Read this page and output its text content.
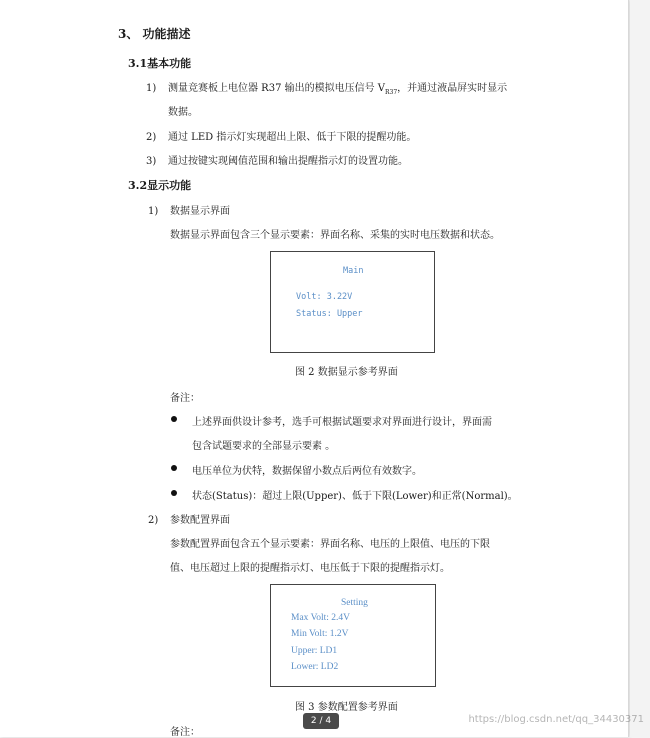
3、 功能描述
3.1基本功能
1) 测量竞赛板上电位器 R37 输出的模拟电压信号 $V_{R37}$，并通过液晶屏实时显示
数据。
2) 通过 LED 指示灯实现超出上限、低于下限的提醒功能。
3) 通过按键实现阈值范围和输出提醒指示灯的设置功能。
3.2显示功能
1) 数据显示界面
数据显示界面包含三个显示要素：界面名称、采集的实时电压数据和状态。
Main
Volt: 3.22V
Status: Upper
图 2 数据显示参考界面
备注：
上述界面供设计参考，选手可根据试题要求对界面进行设计，界面需
包含试题要求的全部显示要素 。
电压单位为伏特，数据保留小数点后两位有效数字。
状态(Status)：超过上限(Upper)、低于下限(Lower)和正常(Normal)。
2) 参数配置界面
参数配置界面包含五个显示要素：界面名称、电压的上限值、电压的下限
值、电压超过上限的提醒指示灯、电压低于下限的提醒指示灯。
Setting
Max Volt: 2.4V
Min Volt: 1.2V
Upper: LD1
Lower: LD2
图 3 参数配置参考界面
备注：
2 / 4	https://blog.csdn.net/qq_34430371
